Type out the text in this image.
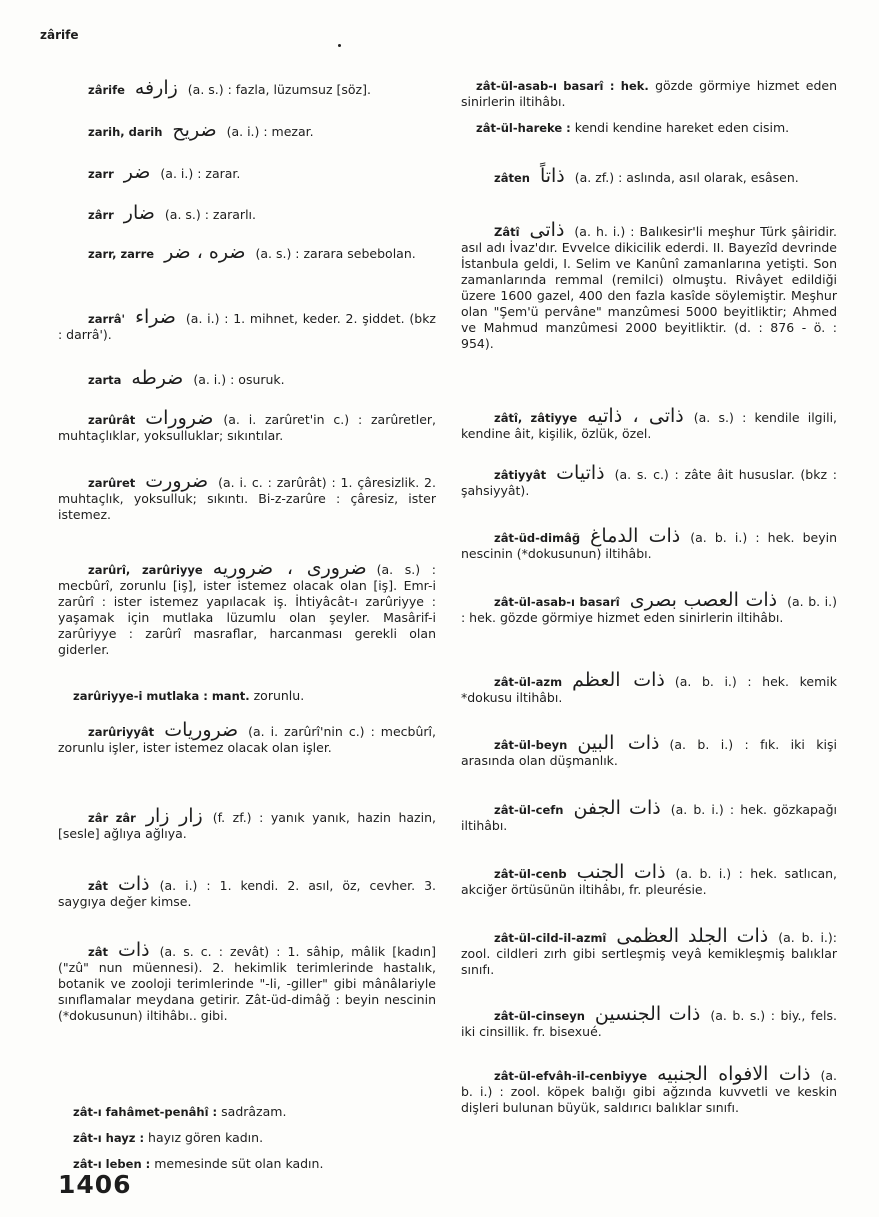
zârife
zârife زارفه (a. s.) : fazla, lüzumsuz [söz].
zarih, darih ضريح (a. i.) : mezar.
zarr ضر (a. i.) : zarar.
zârr ضار (a. s.) : zararlı.
zarr, zarre ضره ، ضر (a. s.) : zarara sebebolan.
zarrâ' ضراء (a. i.) : 1. mihnet, keder. 2. şiddet. (bkz : darrâ').
zarta ضرطه (a. i.) : osuruk.
zarûrât ضرورات (a. i. zarûret'in c.) : zarûretler, muhtaçlıklar, yoksulluklar; sıkıntılar.
zarûret ضرورت (a. i. c. : zarûrât) : 1. çâresizlik. 2. muhtaçlık, yoksulluk; sıkıntı. Bi-z-zarûre : çâresiz, ister istemez.
zarûrî, zarûriyye ضرورى ، ضروريه (a. s.) : mecbûrî, zorunlu [iş], ister istemez olacak olan [iş]. Emr-i zarûrî : ister istemez yapılacak iş. İhtiyâcât-ı zarûriyye : yaşamak için mutlaka lüzumlu olan şeyler. Masârif-i zarûriyye : zarûrî masraflar, harcanması gerekli olan giderler.
zarûriyye-i mutlaka : mant. zorunlu.
zarûriyyât ضروريات (a. i. zarûrî'nin c.) : mecbûrî, zorunlu işler, ister istemez olacak olan işler.
zâr zâr زار زار (f. zf.) : yanık yanık, hazin hazin, [sesle] ağlıya ağlıya.
zât ذات (a. i.) : 1. kendi. 2. asıl, öz, cevher. 3. saygıya değer kimse.
zât ذات (a. s. c. : zevât) : 1. sâhip, mâlik [kadın] ("zû" nun müennesi). 2. hekimlik terimlerinde hastalık, botanik ve zooloji terimlerinde "-li, -giller" gibi mânâlariyle sınıflamalar meydana getirir. Zât-üd-dimâğ : beyin nescinin (*dokusunun) iltihâbı.. gibi.
zât-ı fahâmet-penâhî : sadrâzam.
zât-ı hayz : hayız gören kadın.
zât-ı leben : memesinde süt olan kadın.
zât-ül-asab-ı basarî : hek. gözde görmiye hizmet eden sinirlerin iltihâbı.
zât-ül-hareke : kendi kendine hareket eden cisim.
zâten ذاتاً (a. zf.) : aslında, asıl olarak, esâsen.
Zâtî ذاتى (a. h. i.) : Balıkesir'li meşhur Türk şâiridir. asıl adı İvaz'dır. Evvelce dikicilik ederdi. II. Bayezîd devrinde İstanbula geldi, I. Selim ve Kanûnî zamanlarına yetişti. Son zamanlarında remmal (remilci) olmuştu. Rivâyet edildiği üzere 1600 gazel, 400 den fazla kasîde söylemiştir. Meşhur olan "Şem'ü pervâne" manzûmesi 5000 beyitliktir; Ahmed ve Mahmud manzûmesi 2000 beyitliktir. (d. : 876 - ö. : 954).
zâtî, zâtiyye ذاتى ، ذاتيه (a. s.) : kendile ilgili, kendine âit, kişilik, özlük, özel.
zâtiyyât ذاتيات (a. s. c.) : zâte âit hususlar. (bkz : şahsiyyât).
zât-üd-dimâğ ذات الدماغ (a. b. i.) : hek. beyin nescinin (*dokusunun) iltihâbı.
zât-ül-asab-ı basarî ذات العصب بصرى (a. b. i.) : hek. gözde görmiye hizmet eden sinirlerin iltihâbı.
zât-ül-azm ذات العظم (a. b. i.) : hek. kemik *dokusu iltihâbı.
zât-ül-beyn ذات البين (a. b. i.) : fık. iki kişi arasında olan düşmanlık.
zât-ül-cefn ذات الجفن (a. b. i.) : hek. gözkapağı iltihâbı.
zât-ül-cenb ذات الجنب (a. b. i.) : hek. satlıcan, akciğer örtüsünün iltihâbı, fr. pleurésie.
zât-ül-cild-il-azmî ذات الجلد العظمى (a. b. i.): zool. cildleri zırh gibi sertleşmiş veyâ kemikleşmiş balıklar sınıfı.
zât-ül-cinseyn ذات الجنسين (a. b. s.) : biy., fels. iki cinsillik. fr. bisexué.
zât-ül-efvâh-il-cenbiyye ذات الافواه الجنبيه (a. b. i.) : zool. köpek balığı gibi ağzında kuvvetli ve keskin dişleri bulunan büyük, saldırıcı balıklar sınıfı.
1406
